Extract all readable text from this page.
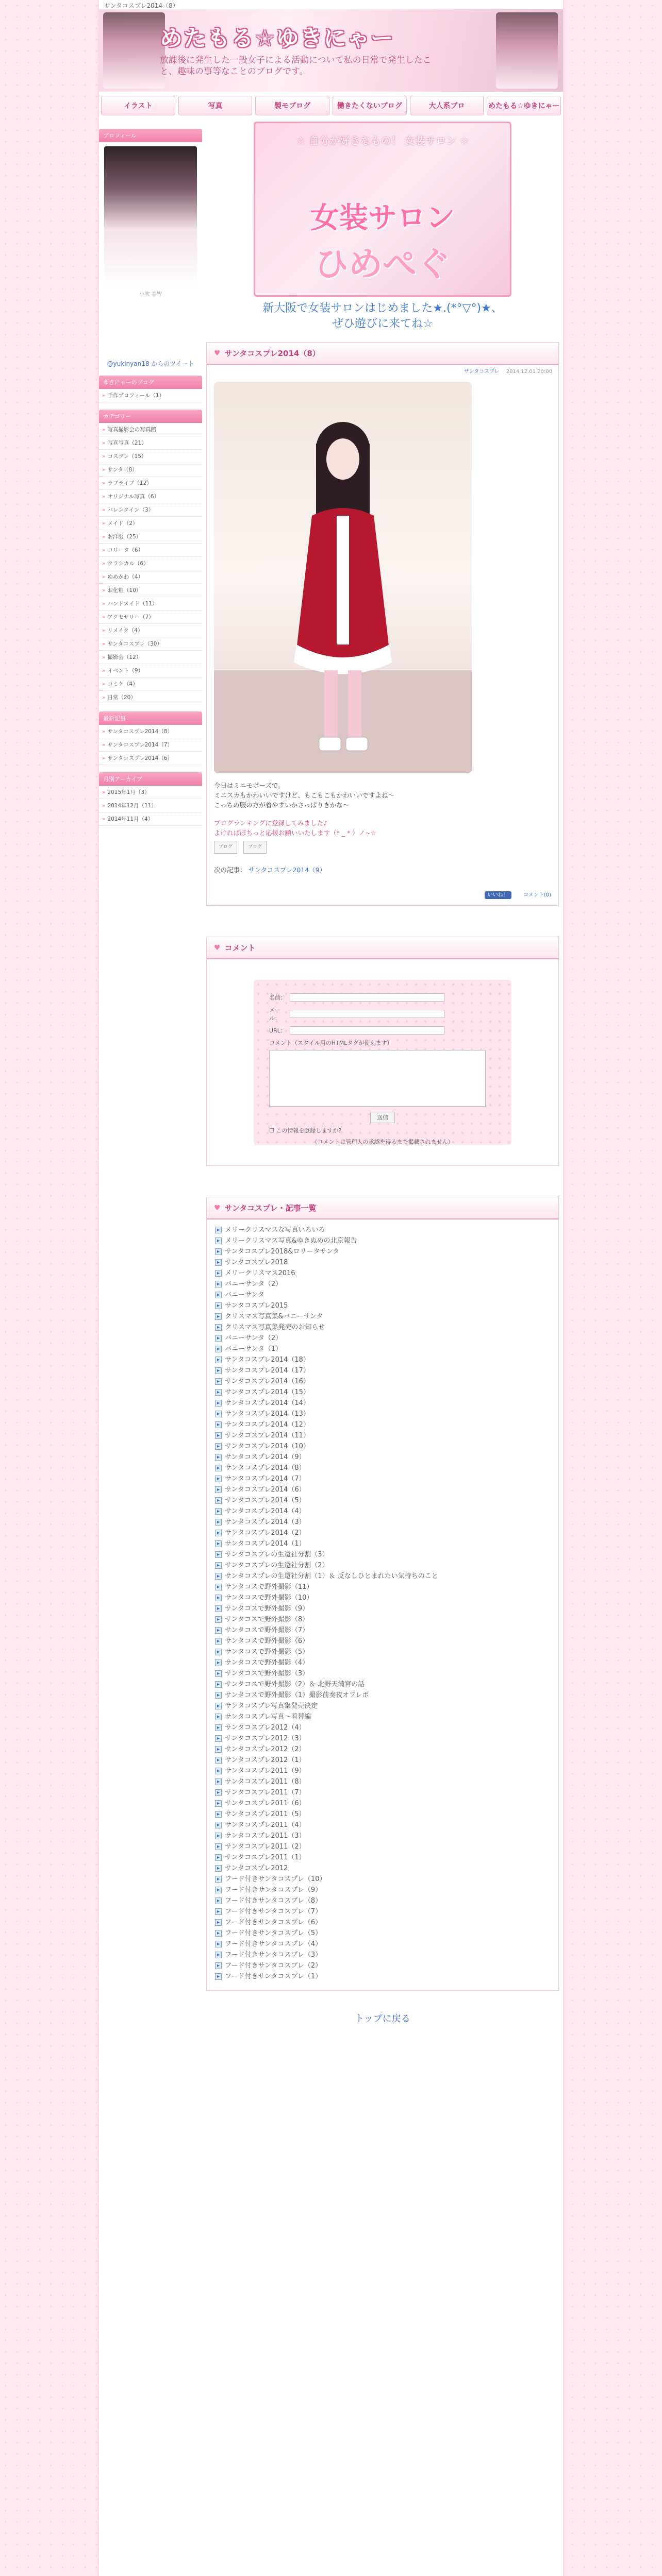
サンタコスプレ2014（8）
めたもる☆ゆきにゃー
放課後に発生した一般女子による活動について私の日常で発生したこと、趣味の事等なことのブログです。
イラスト	写真	製モブログ	働きたくないブログ	大人系ブロ	めたもる☆ゆきにゃー
プロフィール
小吹 美智
@yukinyan18 からのツイート
ゆきにゃーのブログ
» 手作プロフィール（1）
カテゴリー
» 写真撮影会の写真館
» 写真写真（21）
» コスプレ（15）
» サンタ（8）
» ラブライブ（12）
» オリジナル写真（6）
» バレンタイン（3）
» メイド（2）
» お洋服（25）
» ロリータ（6）
» クラシカル（6）
» ゆめかわ（4）
» お化粧（10）
» ハンドメイド（11）
» アクセサリー（7）
» リメイク（4）
» サンタコスプレ（30）
» 撮影会（12）
» イベント（9）
» コミケ（4）
» 日常（20）
最新記事
» サンタコスプレ2014（8）
» サンタコスプレ2014（7）
» サンタコスプレ2014（6）
月別アーカイブ
» 2015年1月（3）
» 2014年12月（11）
» 2014年11月（4）
☆ 自分が好きなもの！ 女装サロン ☆
女装サロン
ひめぺぐ
新大阪で女装サロンはじめました★.(*°▽°)★、
ぜひ遊びに来てね☆
♥ サンタコスプレ2014（8）
サンタコスプレ 2014.12.01 20:00
今日はミニモポーズで。
ミニスカもかわいいですけど、もこもこもかわいいですよね〜
こっちの服の方が着やすいかさっぱりきかな〜
ブログランキングに登録してみました♪
よければぽちっと応援お願いいたします（* _ * ）ノ~☆
ブログ	ブログ
次の記事： サンタコスプレ2014（9）
いいね！	コメント(0)
♥ コメント
名前：
メール：
URL：
コメント（スタイル用のHTMLタグが使えます）
送信
☐ この情報を登録しますか?
（コメントは管理人の承認を得るまで掲載されません）
♥ サンタコスプレ・記事一覧
▸ メリークリスマスな写真いろいろ
▸ メリークリスマス写真&ゆきぬめの北京報告
▸ サンタコスプレ2018&ロリータサンタ
▸ サンタコスプレ2018
▸ メリークリスマス2016
▸ バニーサンタ（2）
▸ バニーサンタ
▸ サンタコスプレ2015
▸ クリスマス写真集&バニーサンタ
▸ クリスマス写真集発売のお知らせ
▸ バニーサンタ（2）
▸ バニーサンタ（1）
▸ サンタコスプレ2014（18）
▸ サンタコスプレ2014（17）
▸ サンタコスプレ2014（16）
▸ サンタコスプレ2014（15）
▸ サンタコスプレ2014（14）
▸ サンタコスプレ2014（13）
▸ サンタコスプレ2014（12）
▸ サンタコスプレ2014（11）
▸ サンタコスプレ2014（10）
▸ サンタコスプレ2014（9）
▸ サンタコスプレ2014（8）
▸ サンタコスプレ2014（7）
▸ サンタコスプレ2014（6）
▸ サンタコスプレ2014（5）
▸ サンタコスプレ2014（4）
▸ サンタコスプレ2014（3）
▸ サンタコスプレ2014（2）
▸ サンタコスプレ2014（1）
▸ サンタコスプレの生還社分割（3）
▸ サンタコスプレの生還社分割（2）
▸ サンタコスプレの生還社分割（1）＆ 反なしひとまれたい気持ちのこと
▸ サンタコスで野外撮影（11）
▸ サンタコスで野外撮影（10）
▸ サンタコスで野外撮影（9）
▸ サンタコスで野外撮影（8）
▸ サンタコスで野外撮影（7）
▸ サンタコスで野外撮影（6）
▸ サンタコスで野外撮影（5）
▸ サンタコスで野外撮影（4）
▸ サンタコスで野外撮影（3）
▸ サンタコスで野外撮影（2）＆ 北野天満宮の話
▸ サンタコスで野外撮影（1）撮影前奏夜オフレポ
▸ サンタコスプレ写真集発売決定
▸ サンタコスプレ写真〜着替編
▸ サンタコスプレ2012（4）
▸ サンタコスプレ2012（3）
▸ サンタコスプレ2012（2）
▸ サンタコスプレ2012（1）
▸ サンタコスプレ2011（9）
▸ サンタコスプレ2011（8）
▸ サンタコスプレ2011（7）
▸ サンタコスプレ2011（6）
▸ サンタコスプレ2011（5）
▸ サンタコスプレ2011（4）
▸ サンタコスプレ2011（3）
▸ サンタコスプレ2011（2）
▸ サンタコスプレ2011（1）
▸ サンタコスプレ2012
▸ フード付きサンタコスプレ（10）
▸ フード付きサンタコスプレ（9）
▸ フード付きサンタコスプレ（8）
▸ フード付きサンタコスプレ（7）
▸ フード付きサンタコスプレ（6）
▸ フード付きサンタコスプレ（5）
▸ フード付きサンタコスプレ（4）
▸ フード付きサンタコスプレ（3）
▸ フード付きサンタコスプレ（2）
▸ フード付きサンタコスプレ（1）
トップに戻る
